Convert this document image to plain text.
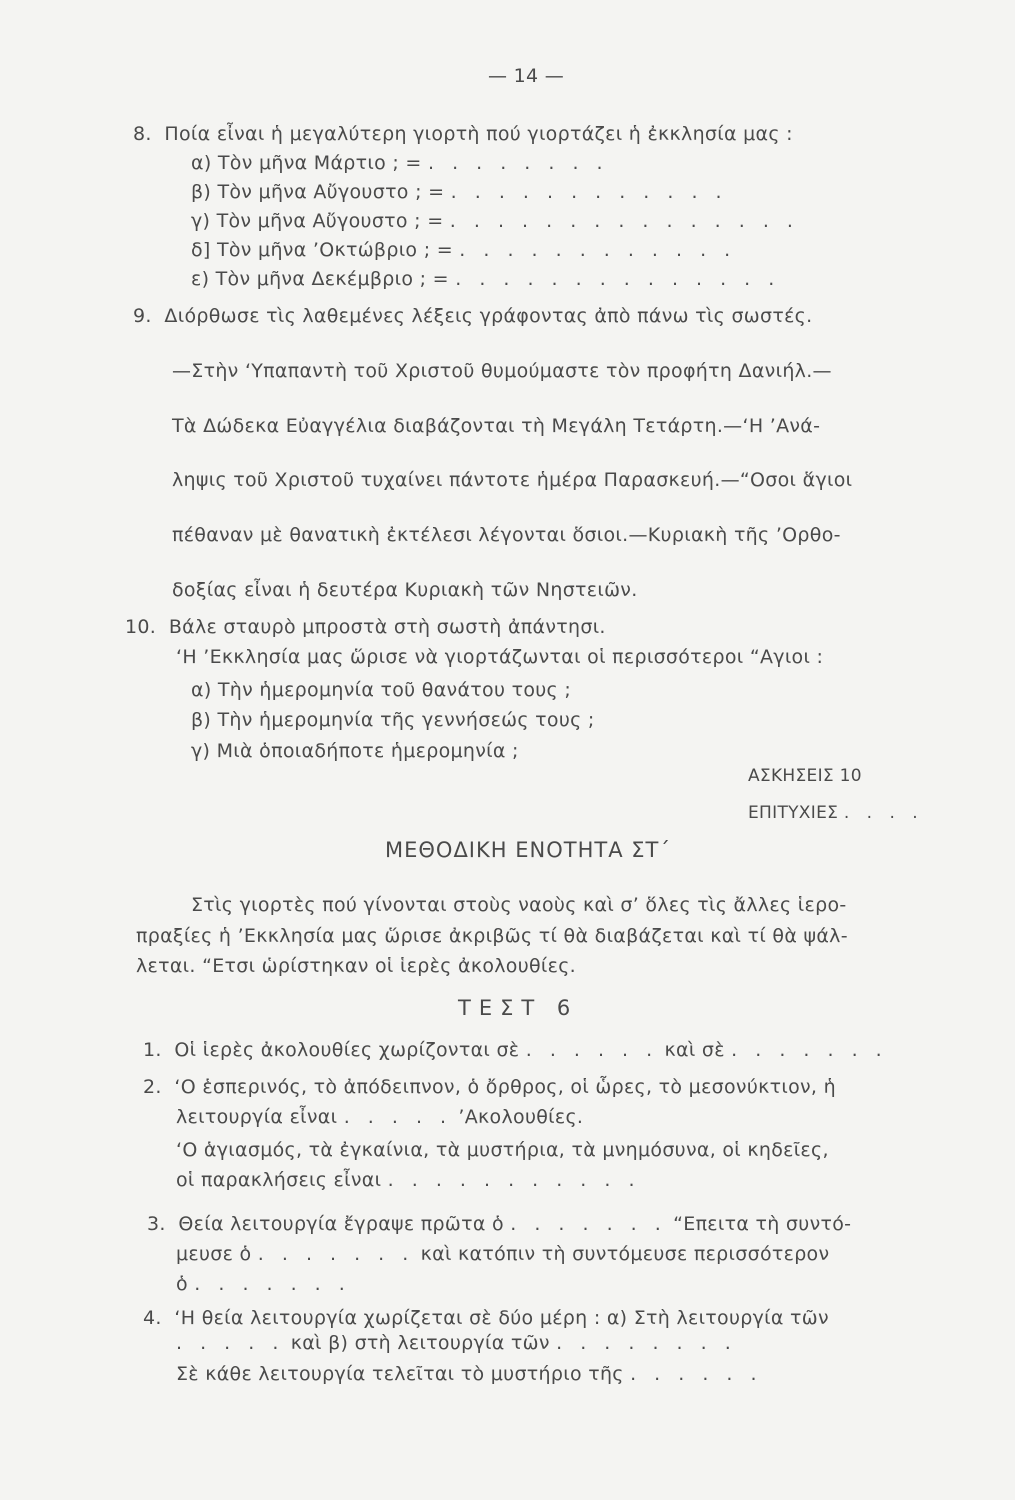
— 14 —
8. Ποία εἶναι ἡ μεγαλύτερη γιορτὴ πού γιορτάζει ἡ ἐκκλησία μας :
α) Τὸν μῆνα Μάρτιο ; = . . . . . . . .
β) Τὸν μῆνα Αὔγουστο ; = . . . . . . . . . . . .
γ) Τὸν μῆνα Αὔγουστο ; = . . . . . . . . . . . . . . .
δ] Τὸν μῆνα ’Οκτώβριο ; = . . . . . . . . . . . .
ε) Τὸν μῆνα Δεκέμβριο ; = . . . . . . . . . . . . . .
9. Διόρθωσε τὶς λαθεμένες λέξεις γράφοντας ἀπὸ πάνω τὶς σωστές.
—Στὴν ‘Υπαπαντὴ τοῦ Χριστοῦ θυμούμαστε τὸν προφήτη Δανιήλ.—
Τὰ Δώδεκα Εὐαγγέλια διαβάζονται τὴ Μεγάλη Τετάρτη.—‘Η ’Ανά-
ληψις τοῦ Χριστοῦ τυχαίνει πάντοτε ἡμέρα Παρασκευή.—“Οσοι ἅγιοι
πέθαναν μὲ θανατικὴ ἐκτέλεσι λέγονται ὅσιοι.—Κυριακὴ τῆς ’Ορθο-
δοξίας εἶναι ἡ δευτέρα Κυριακὴ τῶν Νηστειῶν.
10. Βάλε σταυρὸ μπροστὰ στὴ σωστὴ ἀπάντησι.
‘Η ’Εκκλησία μας ὥρισε νὰ γιορτάζωνται οἱ περισσότεροι “Αγιοι :
α) Τὴν ἡμερομηνία τοῦ θανάτου τους ;
β) Τὴν ἡμερομηνία τῆς γεννήσεώς τους ;
γ) Μιὰ ὁποιαδήποτε ἡμερομηνία ;
ΑΣΚΗΣΕΙΣ 10
ΕΠΙΤΥΧΙΕΣ . . . .
ΜΕΘΟΔΙΚΗ ΕΝΟΤΗΤΑ ΣΤ΄
Στὶς γιορτὲς πού γίνονται στοὺς ναοὺς καὶ σ’ ὅλες τὶς ἄλλες ἱερο-
πραξίες ἡ ’Εκκλησία μας ὥρισε ἀκριβῶς τί θὰ διαβάζεται καὶ τί θὰ ψάλ-
λεται. “Ετσι ὡρίστηκαν οἱ ἱερὲς ἀκολουθίες.
ΤΕΣΤ 6
1. Οἱ ἱερὲς ἀκολουθίες χωρίζονται σὲ . . . . . . καὶ σὲ . . . . . . .
2. ‘Ο ἑσπερινός, τὸ ἀπόδειπνον, ὁ ὄρθρος, οἱ ὧρες, τὸ μεσονύκτιον, ἡ
λειτουργία εἶναι . . . . . ’Ακολουθίες.
‘Ο ἁγιασμός, τὰ ἐγκαίνια, τὰ μυστήρια, τὰ μνημόσυνα, οἱ κηδεῖες,
οἱ παρακλήσεις εἶναι . . . . . . . . . . .
3. Θεία λειτουργία ἔγραψε πρῶτα ὁ . . . . . . . “Επειτα τὴ συντό-
μευσε ὁ . . . . . . . καὶ κατόπιν τὴ συντόμευσε περισσότερον
ὁ . . . . . . .
4. ‘Η θεία λειτουργία χωρίζεται σὲ δύο μέρη : α) Στὴ λειτουργία τῶν
. . . . . καὶ β) στὴ λειτουργία τῶν . . . . . . . .
Σὲ κάθε λειτουργία τελεῖται τὸ μυστήριο τῆς . . . . . .
